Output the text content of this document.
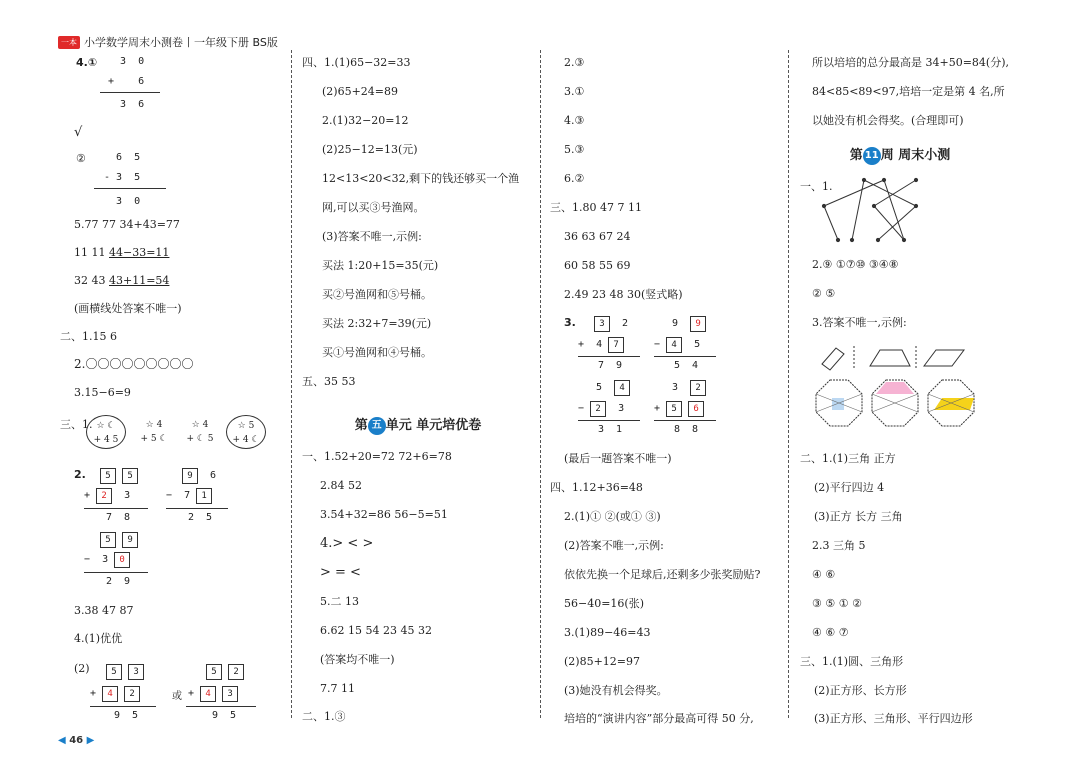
一本 小学数学周末小测卷丨一年级下册 BS版
4.① 3  0
+    6
3  6
√
② 6  5
- 3  5
3  0
5.77 77 34+43=77
11 11 44−33=11
32 43 43+11=54
(画横线处答案不唯一)
二、1.15 6
2.〇〇〇〇〇〇〇〇〇
3.15−6=9
三、1. ☆ ☾
+ 4 5
☆ 4
+ 5 ☾
☆ 4
+ ☾ 5
☆ 5
+ 4 ☾
2.	5 5
+ 2 3
7  8
9 6
− 7 1
2  5
5 9
− 3 0
2  9
3.38 47 87
4.(1)优优
(2)	5 3
+ 4 2
9  5
或
5 2
+ 4 3
9  5
四、1.(1)65−32=33
(2)65+24=89
2.(1)32−20=12
(2)25−12=13(元)
12<13<20<32,剩下的钱还够买一个渔
网,可以买③号渔网。
(3)答案不唯一,示例:
买法 1:20+15=35(元)
买②号渔网和⑤号桶。
买法 2:32+7=39(元)
买①号渔网和④号桶。
五、35 53
第 五 单元 单元培优卷
一、1.52+20=72 72+6=78
2.84 52
3.54+32=86 56−5=51
4.> < >
> = <
5.二 13
6.62 15 54 23 45 32
(答案均不唯一)
7.7 11
二、1.③
2.③
3.①
4.③
5.③
6.②
三、1.80 47 7 11
36 63 67 24
60 58 55 69
2.49 23 48 30(竖式略)
3.	3 2
+ 4 7
7  9
9 9
− 4 5
5  4
5 4
− 2 3
3  1
3 2
+ 5 6
8  8
(最后一题答案不唯一)
四、1.12+36=48
2.(1)① ②(或① ③)
(2)答案不唯一,示例:
依依先换一个足球后,还剩多少张奖励贴?
56−40=16(张)
3.(1)89−46=43
(2)85+12=97
(3)她没有机会得奖。
培培的“演讲内容”部分最高可得 50 分,
所以培培的总分最高是 34+50=84(分),
84<85<89<97,培培一定是第 4 名,所
以她没有机会得奖。(合理即可)
第 11 周 周末小测
一、1.
2.⑨ ①⑦⑩ ③④⑧
② ⑤
3.答案不唯一,示例:
二、1.(1)三角 正方
(2)平行四边 4
(3)正方 长方 三角
2.3 三角 5
④ ⑥
③ ⑤ ① ②
④ ⑥ ⑦
三、1.(1)圆、三角形
(2)正方形、长方形
(3)正方形、三角形、平行四边形
◀ 46 ▶
